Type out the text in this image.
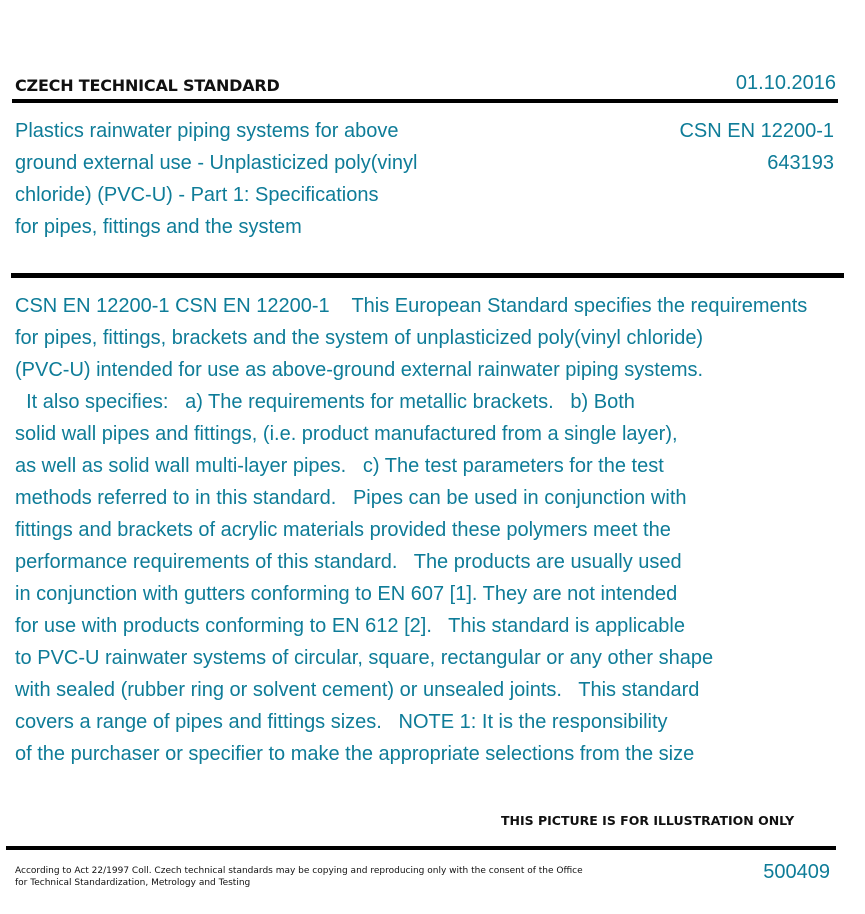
CZECH TECHNICAL STANDARD	01.10.2016
Plastics rainwater piping systems for above
ground external use - Unplasticized poly(vinyl
chloride) (PVC-U) - Part 1: Specifications
for pipes, fittings and the system
CSN EN 12200-1
643193
CSN EN 12200-1 CSN EN 12200-1    This European Standard specifies the requirements
for pipes, fittings, brackets and the system of unplasticized poly(vinyl chloride)
(PVC-U) intended for use as above-ground external rainwater piping systems.
It also specifies:   a) The requirements for metallic brackets.   b) Both
solid wall pipes and fittings, (i.e. product manufactured from a single layer),
as well as solid wall multi-layer pipes.   c) The test parameters for the test
methods referred to in this standard.   Pipes can be used in conjunction with
fittings and brackets of acrylic materials provided these polymers meet the
performance requirements of this standard.   The products are usually used
in conjunction with gutters conforming to EN 607 [1]. They are not intended
for use with products conforming to EN 612 [2].   This standard is applicable
to PVC-U rainwater systems of circular, square, rectangular or any other shape
with sealed (rubber ring or solvent cement) or unsealed joints.   This standard
covers a range of pipes and fittings sizes.   NOTE 1: It is the responsibility
of the purchaser or specifier to make the appropriate selections from the size
THIS PICTURE IS FOR ILLUSTRATION ONLY
According to Act 22/1997 Coll. Czech technical standards may be copying and reproducing only with the consent of the Office
for Technical Standardization, Metrology and Testing	500409
